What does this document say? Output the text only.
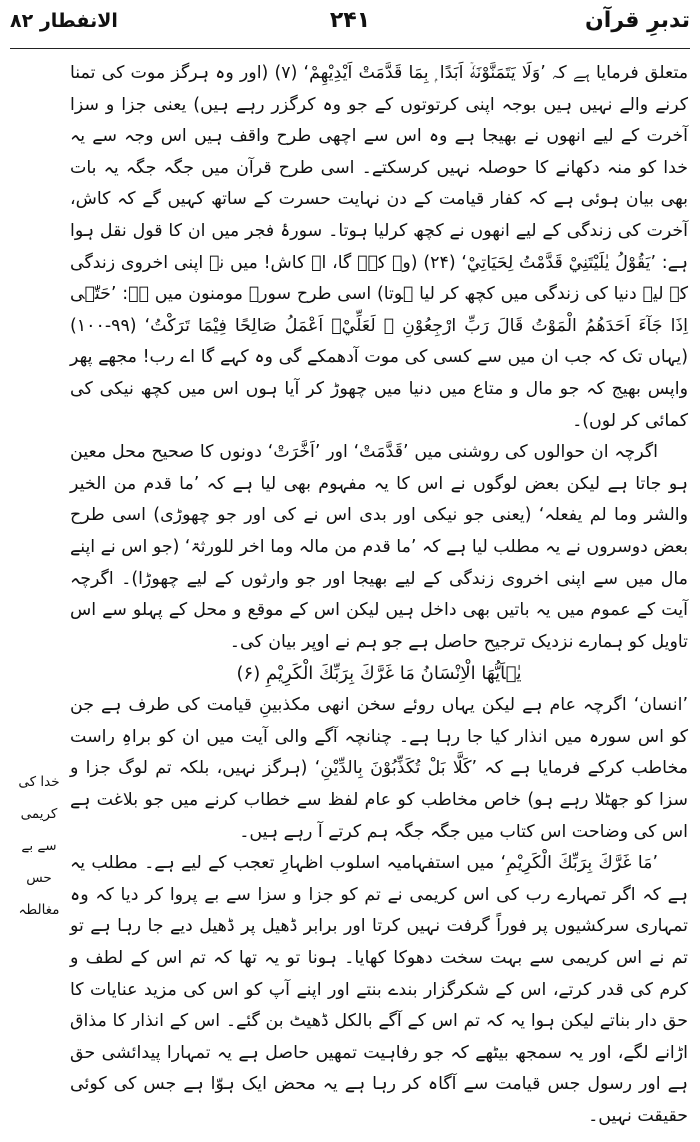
تدبرِ قرآن
۲۴۱
الانفطار ۸۲

متعلق فرمایا ہے کہ ’وَلَا يَتَمَنَّوْنَهٗۤ اَبَدًا ۭ بِمَا قَدَّمَتْ اَيْدِيْهِمْ‘ (۷) (اور وہ ہرگز موت کی تمنا کرنے والے نہیں ہیں بوجہ اپنی کرتوتوں کے جو وہ کرگزر رہے ہیں) یعنی جزا و سزا آخرت کے لیے انھوں نے بھیجا ہے وہ اس سے اچھی طرح واقف ہیں اس وجہ سے یہ خدا کو منہ دکھانے کا حوصلہ نہیں کرسکتے۔ اسی طرح قرآن میں جگہ جگہ یہ بات بھی بیان ہوئی ہے کہ کفار قیامت کے دن نہایت حسرت کے ساتھ کہیں گے کہ کاش، آخرت کی زندگی کے لیے انھوں نے کچھ کرلیا ہوتا۔ سورۂ فجر میں ان کا قول نقل ہوا ہے: ’يَقُوْلُ يٰلَيْتَنِيْ قَدَّمْتُ لِحَيَاتِيْ‘ (۲۴) (وہ کہے گا، اے کاش! میں نے اپنی اخروی زندگی کے لیے دنیا کی زندگی میں کچھ کر لیا ہوتا) اسی طرح سورۂ مومنون میں ہے: ’حَتّٰۤى اِذَا جَآءَ اَحَدَهُمُ الْمَوْتُ قَالَ رَبِّ ارْجِعُوْنِ ۙ لَعَلِّيْۤ اَعْمَلُ صَالِحًا فِيْمَا تَرَكْتُ‘ (۹۹-۱۰۰) (یہاں تک کہ جب ان میں سے کسی کی موت آدھمکے گی وہ کہے گا اے رب! مجھے پھر واپس بھیج کہ جو مال و متاع میں دنیا میں چھوڑ کر آیا ہوں اس میں کچھ نیکی کی کمائی کر لوں)۔

اگرچہ ان حوالوں کی روشنی میں ’قَدَّمَتْ‘ اور ’اَخَّرَتْ‘ دونوں کا صحیح محل معین ہو جاتا ہے لیکن بعض لوگوں نے اس کا یہ مفہوم بھی لیا ہے کہ ’ما قدم من الخیر والشر وما لم یفعلہ‘ (یعنی جو نیکی اور بدی اس نے کی اور جو چھوڑی) اسی طرح بعض دوسروں نے یہ مطلب لیا ہے کہ ’ما قدم من مالہ وما اخر للورثۃ‘ (جو اس نے اپنے مال میں سے اپنی اخروی زندگی کے لیے بھیجا اور جو وارثوں کے لیے چھوڑا)۔ اگرچہ آیت کے عموم میں یہ باتیں بھی داخل ہیں لیکن اس کے موقع و محل کے پہلو سے اس تاویل کو ہمارے نزدیک ترجیح حاصل ہے جو ہم نے اوپر بیان کی۔

يٰۤاَيُّهَا الْاِنْسَانُ مَا غَرَّكَ بِرَبِّكَ الْكَرِيْمِ (۶)

’انسان‘ اگرچہ عام ہے لیکن یہاں روئے سخن انھی مکذبینِ قیامت کی طرف ہے جن کو اس سورہ میں انذار کیا جا رہا ہے۔ چنانچہ آگے والی آیت میں ان کو براہِ راست مخاطب کرکے فرمایا ہے کہ ’كَلَّا بَلْ تُكَذِّبُوْنَ بِالدِّيْنِ‘ (ہرگز نہیں، بلکہ تم لوگ جزا و سزا کو جھٹلا رہے ہو) خاص مخاطب کو عام لفظ سے خطاب کرنے میں جو بلاغت ہے اس کی وضاحت اس کتاب میں جگہ جگہ ہم کرتے آ رہے ہیں۔

’مَا غَرَّكَ بِرَبِّكَ الْكَرِيْمِ‘ میں استفہامیہ اسلوب اظہارِ تعجب کے لیے ہے۔ مطلب یہ ہے کہ اگر تمہارے رب کی اس کریمی نے تم کو جزا و سزا سے بے پروا کر دیا کہ وہ تمہاری سرکشیوں پر فوراً گرفت نہیں کرتا اور برابر ڈھیل پر ڈھیل دیے جا رہا ہے تو تم نے اس کریمی سے بہت سخت دھوکا کھایا۔ ہونا تو یہ تھا کہ تم اس کے لطف و کرم کی قدر کرتے، اس کے شکرگزار بندے بنتے اور اپنے آپ کو اس کی مزید عنایات کا حق دار بناتے لیکن ہوا یہ کہ تم اس کے آگے بالکل ڈھیٹ بن گئے۔ اس کے انذار کا مذاق اڑانے لگے، اور یہ سمجھ بیٹھے کہ جو رفاہیت تمھیں حاصل ہے یہ تمہارا پیدائشی حق ہے اور رسول جس قیامت سے آگاہ کر رہا ہے یہ محض ایک ہوّا ہے جس کی کوئی حقیقت نہیں۔

خدا کی کریمی
سے بے حس
مغالطہ
